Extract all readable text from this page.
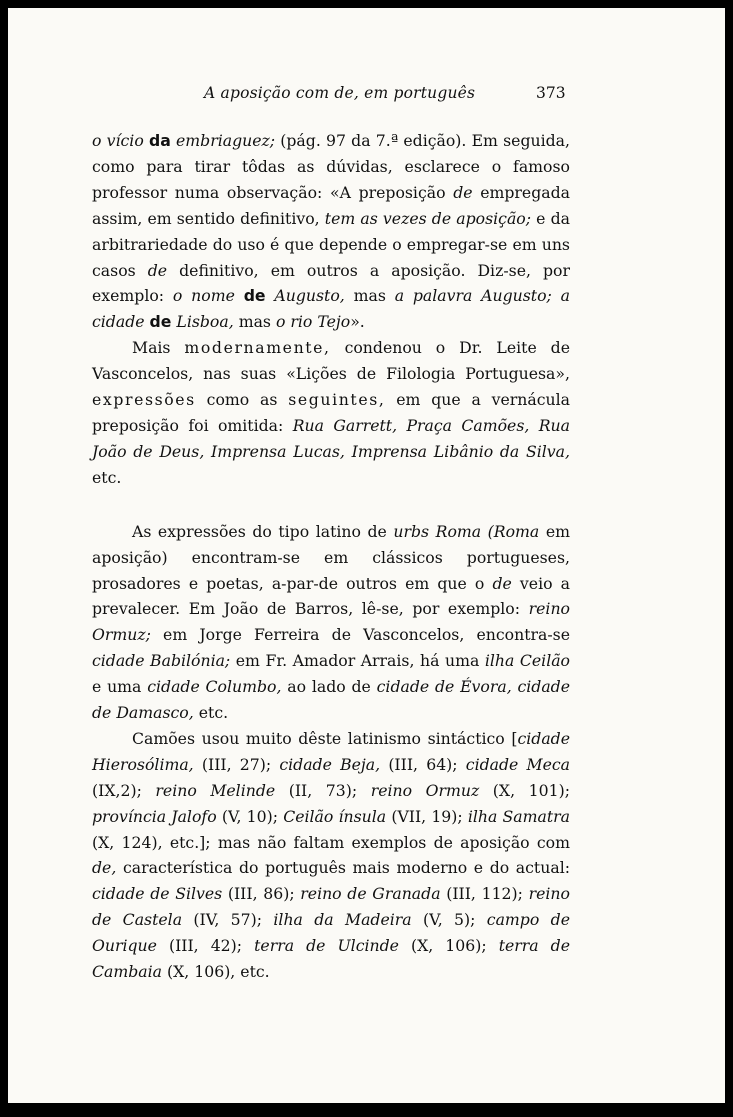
A aposição com de, em português	373

o vício da embriaguez; (pág. 97 da 7.ª edição). Em seguida, como para tirar tôdas as dúvidas, esclarece o famoso professor numa observação: «A preposição de empregada assim, em sentido definitivo, tem as vezes de aposição; e da arbitrariedade do uso é que depende o empregar-se em uns casos de definitivo, em outros a aposição. Diz-se, por exemplo: o nome de Augusto, mas a palavra Augusto; a cidade de Lisboa, mas o rio Tejo».

Mais modernamente, condenou o Dr. Leite de Vasconcelos, nas suas «Lições de Filologia Portuguesa», expressões como as seguintes, em que a vernácula preposição foi omitida: Rua Garrett, Praça Camões, Rua João de Deus, Imprensa Lucas, Imprensa Libânio da Silva, etc.

As expressões do tipo latino de urbs Roma (Roma em aposição) encontram-se em clássicos portugueses, prosadores e poetas, a-par-de outros em que o de veio a prevalecer. Em João de Barros, lê-se, por exemplo: reino Ormuz; em Jorge Ferreira de Vasconcelos, encontra-se cidade Babilónia; em Fr. Amador Arrais, há uma ilha Ceilão e uma cidade Columbo, ao lado de cidade de Évora, cidade de Damasco, etc.

Camões usou muito dêste latinismo sintáctico [cidade Hierosólima, (III, 27); cidade Beja, (III, 64); cidade Meca (IX,2); reino Melinde (II, 73); reino Ormuz (X, 101); província Jalofo (V, 10); Ceilão ínsula (VII, 19); ilha Samatra (X, 124), etc.]; mas não faltam exemplos de aposição com de, característica do português mais moderno e do actual: cidade de Silves (III, 86); reino de Granada (III, 112); reino de Castela (IV, 57); ilha da Madeira (V, 5); campo de Ourique (III, 42); terra de Ulcinde (X, 106); terra de Cambaia (X, 106), etc.
